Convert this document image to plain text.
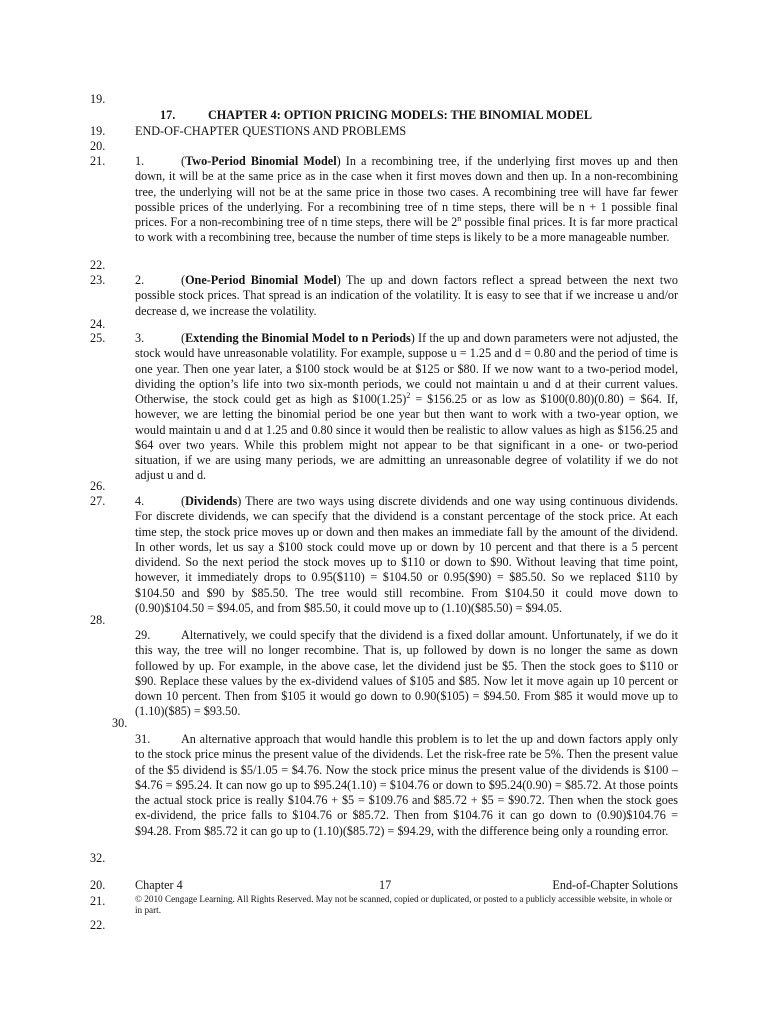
19.
17.	CHAPTER 4: OPTION PRICING MODELS: THE BINOMIAL MODEL
19.	END-OF-CHAPTER QUESTIONS AND PROBLEMS
20.
21.	1.	(Two-Period Binomial Model) In a recombining tree, if the underlying first moves up and then down, it will be at the same price as in the case when it first moves down and then up. In a non-recombining tree, the underlying will not be at the same price in those two cases. A recombining tree will have far fewer possible prices of the underlying. For a recombining tree of n time steps, there will be n + 1 possible final prices. For a non-recombining tree of n time steps, there will be 2$^n$ possible final prices. It is far more practical to work with a recombining tree, because the number of time steps is likely to be a more manageable number.
22.
23.	2.	(One-Period Binomial Model) The up and down factors reflect a spread between the next two possible stock prices. That spread is an indication of the volatility. It is easy to see that if we increase u and/or decrease d, we increase the volatility.
24.
25.	3.	(Extending the Binomial Model to n Periods) If the up and down parameters were not adjusted, the stock would have unreasonable volatility. For example, suppose u = 1.25 and d = 0.80 and the period of time is one year. Then one year later, a $100 stock would be at $125 or $80. If we now want to a two-period model, dividing the option’s life into two six-month periods, we could not maintain u and d at their current values. Otherwise, the stock could get as high as $\$100(1.25)^2$ = $156.25 or as low as $100(0.80)(0.80) = $64. If, however, we are letting the binomial period be one year but then want to work with a two-year option, we would maintain u and d at 1.25 and 0.80 since it would then be realistic to allow values as high as $156.25 and $64 over two years. While this problem might not appear to be that significant in a one- or two-period situation, if we are using many periods, we are admitting an unreasonable degree of volatility if we do not adjust u and d.
26.
27.	4.	(Dividends) There are two ways using discrete dividends and one way using continuous dividends. For discrete dividends, we can specify that the dividend is a constant percentage of the stock price. At each time step, the stock price moves up or down and then makes an immediate fall by the amount of the dividend. In other words, let us say a $100 stock could move up or down by 10 percent and that there is a 5 percent dividend. So the next period the stock moves up to $110 or down to $90. Without leaving that time point, however, it immediately drops to 0.95($110) = $104.50 or 0.95($90) = $85.50. So we replaced $110 by $104.50 and $90 by $85.50. The tree would still recombine. From $104.50 it could move down to (0.90)$104.50 = $94.05, and from $85.50, it could move up to (1.10)($85.50) = $94.05.
28.
29.	Alternatively, we could specify that the dividend is a fixed dollar amount. Unfortunately, if we do it this way, the tree will no longer recombine. That is, up followed by down is no longer the same as down followed by up. For example, in the above case, let the dividend just be $5. Then the stock goes to $110 or $90. Replace these values by the ex-dividend values of $105 and $85. Now let it move again up 10 percent or down 10 percent. Then from $105 it would go down to 0.90($105) = $94.50. From $85 it would move up to (1.10)($85) = $93.50.
30.
31.	An alternative approach that would handle this problem is to let the up and down factors apply only to the stock price minus the present value of the dividends. Let the risk-free rate be 5%. Then the present value of the $5 dividend is $5/1.05 = $4.76. Now the stock price minus the present value of the dividends is $100 – $4.76 = $95.24. It can now go up to $95.24(1.10) = $104.76 or down to $95.24(0.90) = $85.72. At those points the actual stock price is really $104.76 + $5 = $109.76 and $85.72 + $5 = $90.72. Then when the stock goes ex-dividend, the price falls to $104.76 or $85.72. Then from $104.76 it can go down to (0.90)$104.76 = $94.28. From $85.72 it can go up to (1.10)($85.72) = $94.29, with the difference being only a rounding error.
32.
20.	Chapter 4	17	End-of-Chapter Solutions
21.	© 2010 Cengage Learning. All Rights Reserved. May not be scanned, copied or duplicated, or posted to a publicly accessible website, in whole or in part.
22.
